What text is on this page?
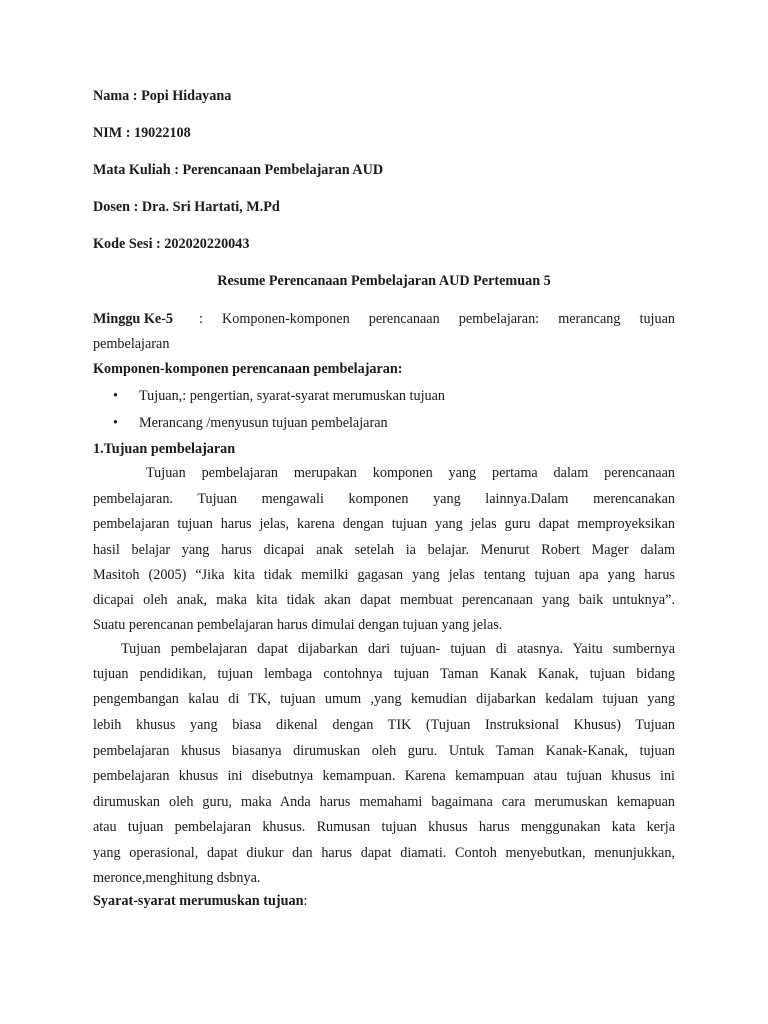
Nama : Popi Hidayana
NIM : 19022108
Mata Kuliah : Perencanaan Pembelajaran AUD
Dosen : Dra. Sri Hartati, M.Pd
Kode Sesi : 202020220043
Resume Perencanaan Pembelajaran AUD Pertemuan 5
Minggu Ke-5 : Komponen-komponen perencanaan pembelajaran: merancang tujuan
pembelajaran
Komponen-komponen perencanaan pembelajaran:
• Tujuan,: pengertian, syarat-syarat merumuskan tujuan
• Merancang /menyusun tujuan pembelajaran
1.Tujuan pembelajaran
Tujuan pembelajaran merupakan komponen yang pertama dalam perencanaan
pembelajaran. Tujuan mengawali komponen yang lainnya.Dalam merencanakan
pembelajaran tujuan harus jelas, karena dengan tujuan yang jelas guru dapat memproyeksikan
hasil belajar yang harus dicapai anak setelah ia belajar. Menurut Robert Mager dalam
Masitoh (2005) “Jika kita tidak memilki gagasan yang jelas tentang tujuan apa yang harus
dicapai oleh anak, maka kita tidak akan dapat membuat perencanaan yang baik untuknya”.
Suatu perencanan pembelajaran harus dimulai dengan tujuan yang jelas.
Tujuan pembelajaran dapat dijabarkan dari tujuan- tujuan di atasnya. Yaitu sumbernya
tujuan pendidikan, tujuan lembaga contohnya tujuan Taman Kanak Kanak, tujuan bidang
pengembangan kalau di TK, tujuan umum ,yang kemudian dijabarkan kedalam tujuan yang
lebih khusus yang biasa dikenal dengan TIK (Tujuan Instruksional Khusus) Tujuan
pembelajaran khusus biasanya dirumuskan oleh guru. Untuk Taman Kanak-Kanak, tujuan
pembelajaran khusus ini disebutnya kemampuan. Karena kemampuan atau tujuan khusus ini
dirumuskan oleh guru, maka Anda harus memahami bagaimana cara merumuskan kemapuan
atau tujuan pembelajaran khusus. Rumusan tujuan khusus harus menggunakan kata kerja
yang operasional, dapat diukur dan harus dapat diamati. Contoh menyebutkan, menunjukkan,
meronce,menghitung dsbnya.
Syarat-syarat merumuskan tujuan:
